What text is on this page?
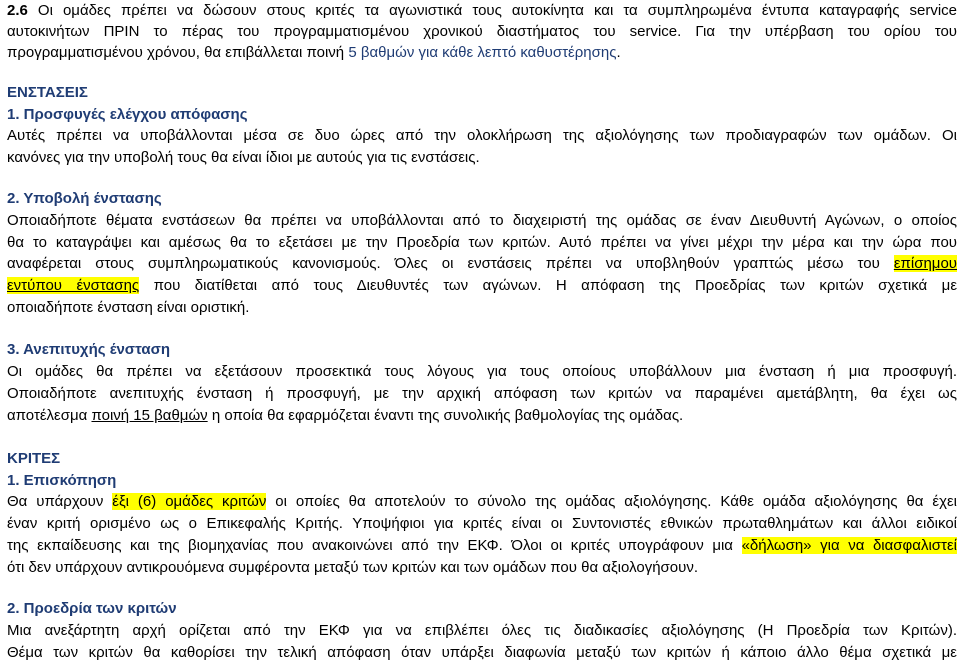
2.6 Οι ομάδες πρέπει να δώσουν στους κριτές τα αγωνιστικά τους αυτοκίνητα και τα συμπληρωμένα έντυπα καταγραφής service
αυτοκινήτων ΠΡΙΝ το πέρας του προγραμματισμένου χρονικού διαστήματος του service. Για την υπέρβαση του ορίου του
προγραμματισμένου χρόνου, θα επιβάλλεται ποινή 5 βαθμών για κάθε λεπτό καθυστέρησης.
ΕΝΣΤΑΣΕΙΣ
1. Προσφυγές ελέγχου απόφασης
Αυτές πρέπει να υποβάλλονται μέσα σε δυο ώρες από την ολοκλήρωση της αξιολόγησης των προδιαγραφών των ομάδων. Οι
κανόνες για την υποβολή τους θα είναι ίδιοι με αυτούς για τις ενστάσεις.
2. Υποβολή ένστασης
Οποιαδήποτε θέματα ενστάσεων θα πρέπει να υποβάλλονται από το διαχειριστή της ομάδας σε έναν Διευθυντή Αγώνων, ο οποίος
θα το καταγράψει και αμέσως θα το εξετάσει με την Προεδρία των κριτών. Αυτό πρέπει να γίνει μέχρι την μέρα και την ώρα που
αναφέρεται στους συμπληρωματικούς κανονισμούς. Όλες οι ενστάσεις πρέπει να υποβληθούν γραπτώς μέσω του επίσημου
εντύπου ένστασης που διατίθεται από τους Διευθυντές των αγώνων. Η απόφαση της Προεδρίας των κριτών σχετικά με
οποιαδήποτε ένσταση είναι οριστική.
3. Ανεπιτυχής ένσταση
Οι ομάδες θα πρέπει να εξετάσουν προσεκτικά τους λόγους για τους οποίους υποβάλλουν μια ένσταση ή μια προσφυγή.
Οποιαδήποτε ανεπιτυχής ένσταση ή προσφυγή, με την αρχική απόφαση των κριτών να παραμένει αμετάβλητη, θα έχει ως
αποτέλεσμα ποινή 15 βαθμών η οποία θα εφαρμόζεται έναντι της συνολικής βαθμολογίας της ομάδας.
ΚΡΙΤΕΣ
1. Επισκόπηση
Θα υπάρχουν έξι (6) ομάδες κριτών οι οποίες θα αποτελούν το σύνολο της ομάδας αξιολόγησης. Κάθε ομάδα αξιολόγησης θα έχει
έναν κριτή ορισμένο ως ο Επικεφαλής Κριτής. Υποψήφιοι για κριτές είναι οι Συντονιστές εθνικών πρωταθλημάτων και άλλοι ειδικοί
της εκπαίδευσης και της βιομηχανίας που ανακοινώνει από την ΕΚΦ. Όλοι οι κριτές υπογράφουν μια «δήλωση» για να διασφαλιστεί
ότι δεν υπάρχουν αντικρουόμενα συμφέροντα μεταξύ των κριτών και των ομάδων που θα αξιολογήσουν.
2. Προεδρία των κριτών
Μια ανεξάρτητη αρχή ορίζεται από την ΕΚΦ για να επιβλέπει όλες τις διαδικασίες αξιολόγησης (Η Προεδρία των Κριτών).
Θέμα των κριτών θα καθορίσει την τελική απόφαση όταν υπάρξει διαφωνία μεταξύ των κριτών ή κάποιο άλλο θέμα σχετικά με
